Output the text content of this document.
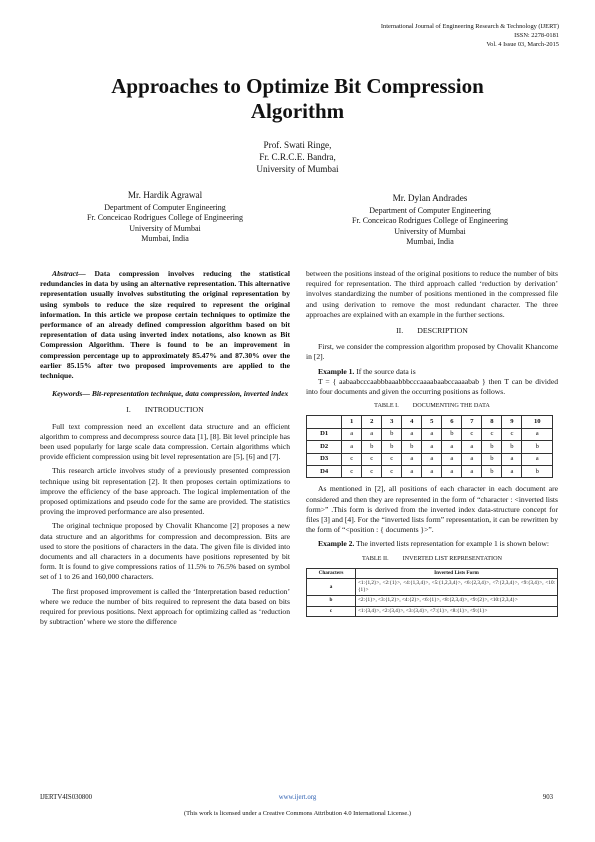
International Journal of Engineering Research & Technology (IJERT)
ISSN: 2278-0181
Vol. 4 Issue 03, March-2015
Approaches to Optimize Bit Compression
Algorithm
Prof. Swati Ringe,
Fr. C.R.C.E. Bandra,
University of Mumbai
Mr. Hardik Agrawal
Department of Computer Engineering
Fr. Conceicao Rodrigues College of Engineering
University of Mumbai
Mumbai, India
Mr. Dylan Andrades
Department of Computer Engineering
Fr. Conceicao Rodrigues College of Engineering
University of Mumbai
Mumbai, India

Abstract— Data compression involves reducing the statistical redundancies in data by using an alternative representation. This alternative representation usually involves substituting the original representation by using symbols to reduce the size required to represent the original information. In this article we propose certain techniques to optimize the performance of an already defined compression algorithm based on bit representation of data using inverted index notations, also known as Bit Compression Algorithm. There is found to be an improvement in compression percentage up to approximately 85.47% and 87.30% over the earlier 85.15% after two proposed improvements are applied to the technique.

Keywords— Bit-representation technique, data compression, inverted index

I. INTRODUCTION

Full text compression need an excellent data structure and an efficient algorithm to compress and decompress source data [1], [8]. Bit level principle has been used popularly for large scale data compression. Certain algorithms which provide efficient compression using bit level representation are [5], [6] and [7].

This research article involves study of a previously presented compression technique using bit representation [2]. It then proposes certain optimizations to improve the efficiency of the base approach. The logical implementation of the proposed optimizations and pseudo code for the same are provided. The statistics proving the improved performance are also presented.

The original technique proposed by Chovalit Khancome [2] proposes a new data structure and an algorithms for compression and decompression. Bits are used to store the positions of characters in the data. The given file is divided into documents and all characters in a documents have positions represented by bit form. It is found to give compressions ratios of 11.5% to 76.5% based on symbol set of 1 to 26 and 160,000 characters.

The first proposed improvement is called the ‘Interpretation based reduction’ where we reduce the number of bits required to represent the data based on bits required for previous positions. Next approach for optimizing called as ‘reduction by subtraction’ where we store the difference

between the positions instead of the original positions to reduce the number of bits required for representation. The third approach called ‘reduction by derivation’ involves standardizing the number of positions mentioned in the compressed file and using derivation to remove the most redundant character. The three approaches are explained with an example in the further sections.

II. DESCRIPTION

First, we consider the compression algorithm proposed by Chovalit Khancome in [2].

Example 1. If the source data is

T = { aabaabcccaabbbaaabbbcccaaaabaabccaaaabab } then T can be divided into four documents and given the occurring positions as follows.

TABLE I. DOCUMENTING THE DATA

	1	2	3	4	5	6	7	8	9	10
D1	a	a	b	a	a	b	c	c	c	a
D2	a	b	b	b	a	a	a	b	b	b
D3	c	c	c	a	a	a	a	b	a	a
D4	c	c	c	a	a	a	a	b	a	b

As mentioned in [2], all positions of each character in each document are considered and then they are represented in the form of “character : <inverted lists form>” .This form is derived from the inverted index data-structure concept for files [3] and [4]. For the “inverted lists form” representation, it can be rewritten by the form of “<position : { documents }>”.

Example 2. The inverted lists representation for example 1 is shown below:

TABLE II. INVERTED LIST REPRESENTATION

Characters	Inverted Lists Form
a	<1:{1,2}>, <2:{1}>, <4:{1,3,4}>, <5:{1,2,3,4}>, <6:{2,3,4}>, <7:{2,3,4}>, <9:{3,4}>, <10:{1}>
b	<2:{1}>, <3:{1,2}>, <4:{2}>, <6:{1}>, <8:{2,3,4}>, <9:{2}>, <10:{2,3,4}>
c	<1:{3,4}>, <2:{3,4}>, <3:{3,4}>, <7:{1}>, <8:{1}>, <9:{1}>
IJERTV4IS030800	www.ijert.org	903
(This work is licensed under a Creative Commons Attribution 4.0 International License.)
